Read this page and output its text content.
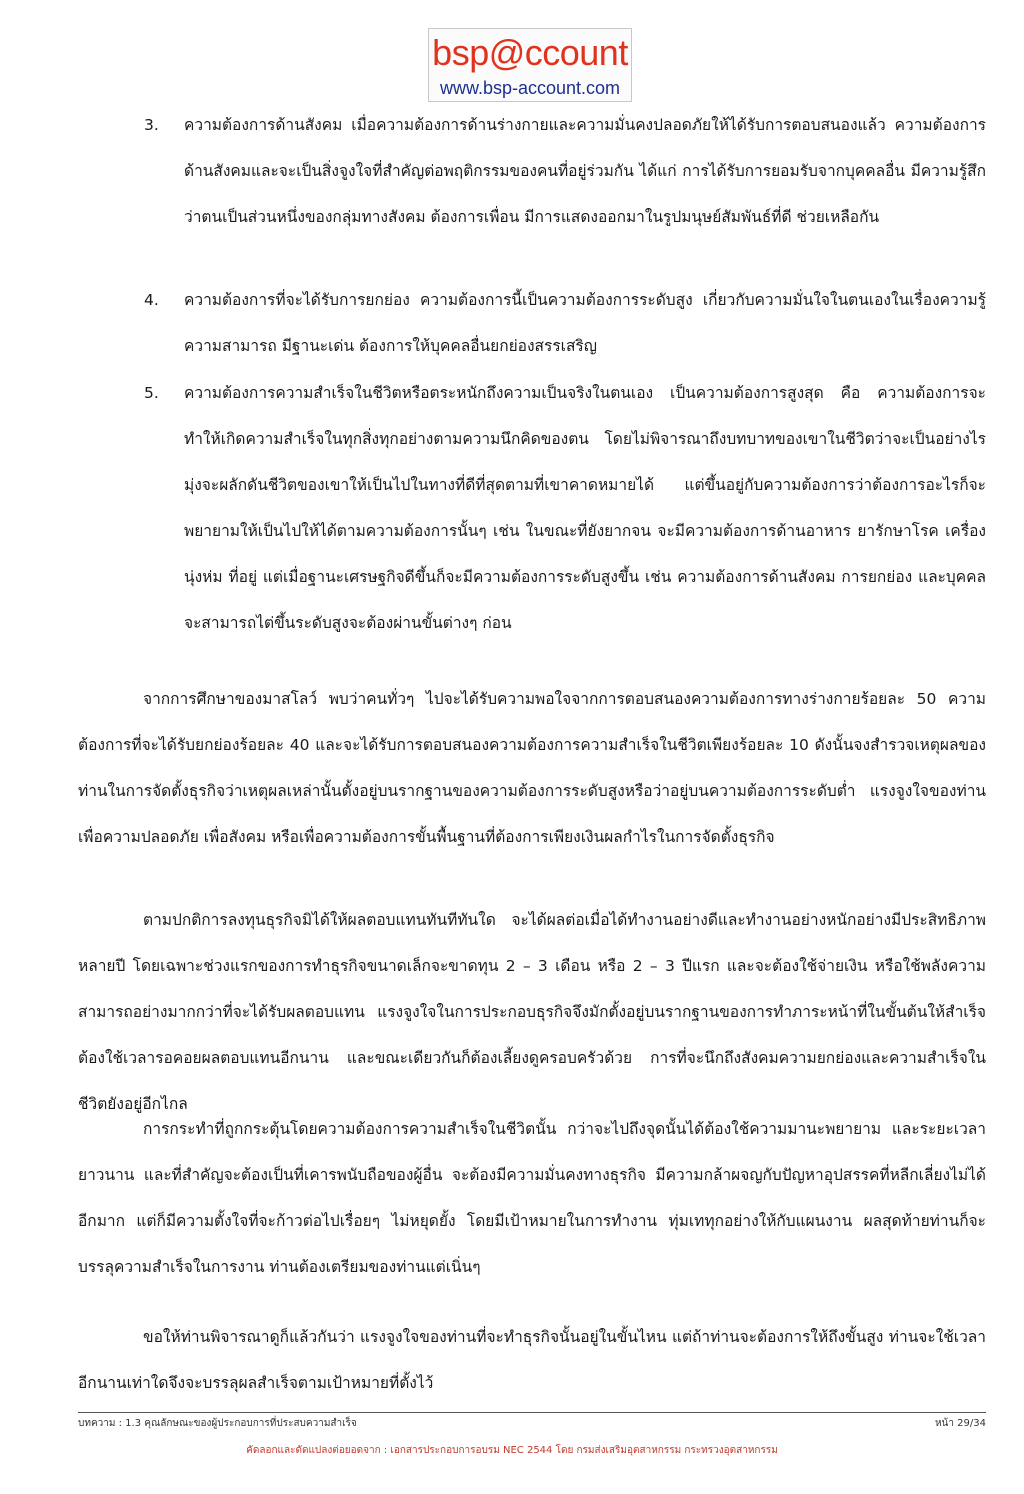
bsp@ccount
www.bsp-account.com
3.	ความต้องการด้านสังคม เมื่อความต้องการด้านร่างกายและความมั่นคงปลอดภัยให้ได้รับการตอบสนองแล้ว ความต้องการด้านสังคมและจะเป็นสิ่งจูงใจที่สำคัญต่อพฤติกรรมของคนที่อยู่ร่วมกัน ได้แก่ การได้รับการยอมรับจากบุคคลอื่น มีความรู้สึกว่าตนเป็นส่วนหนึ่งของกลุ่มทางสังคม ต้องการเพื่อน มีการแสดงออกมาในรูปมนุษย์สัมพันธ์ที่ดี ช่วยเหลือกัน
4.	ความต้องการที่จะได้รับการยกย่อง ความต้องการนี้เป็นความต้องการระดับสูง เกี่ยวกับความมั่นใจในตนเองในเรื่องความรู้ ความสามารถ มีฐานะเด่น ต้องการให้บุคคลอื่นยกย่องสรรเสริญ
5.	ความต้องการความสำเร็จในชีวิตหรือตระหนักถึงความเป็นจริงในตนเอง เป็นความต้องการสูงสุด คือ ความต้องการจะทำให้เกิดความสำเร็จในทุกสิ่งทุกอย่างตามความนึกคิดของตน โดยไม่พิจารณาถึงบทบาทของเขาในชีวิตว่าจะเป็นอย่างไร มุ่งจะผลักดันชีวิตของเขาให้เป็นไปในทางที่ดีที่สุดตามที่เขาคาดหมายได้ แต่ขึ้นอยู่กับความต้องการว่าต้องการอะไรก็จะพยายามให้เป็นไปให้ได้ตามความต้องการนั้นๆ เช่น ในขณะที่ยังยากจน จะมีความต้องการด้านอาหาร ยารักษาโรค เครื่องนุ่งห่ม ที่อยู่ แต่เมื่อฐานะเศรษฐกิจดีขึ้นก็จะมีความต้องการระดับสูงขึ้น เช่น ความต้องการด้านสังคม การยกย่อง และบุคคลจะสามารถไต่ขึ้นระดับสูงจะต้องผ่านขั้นต่างๆ ก่อน
จากการศึกษาของมาสโลว์ พบว่าคนทั่วๆ ไปจะได้รับความพอใจจากการตอบสนองความต้องการทางร่างกายร้อยละ 50 ความต้องการที่จะได้รับยกย่องร้อยละ 40 และจะได้รับการตอบสนองความต้องการความสำเร็จในชีวิตเพียงร้อยละ 10 ดังนั้นจงสำรวจเหตุผลของท่านในการจัดตั้งธุรกิจว่าเหตุผลเหล่านั้นตั้งอยู่บนรากฐานของความต้องการระดับสูงหรือว่าอยู่บนความต้องการระดับต่ำ แรงจูงใจของท่าน เพื่อความปลอดภัย เพื่อสังคม หรือเพื่อความต้องการขั้นพื้นฐานที่ต้องการเพียงเงินผลกำไรในการจัดตั้งธุรกิจ
ตามปกติการลงทุนธุรกิจมิได้ให้ผลตอบแทนทันทีทันใด จะได้ผลต่อเมื่อได้ทำงานอย่างดีและทำงานอย่างหนักอย่างมีประสิทธิภาพหลายปี โดยเฉพาะช่วงแรกของการทำธุรกิจขนาดเล็กจะขาดทุน 2 – 3 เดือน หรือ 2 – 3 ปีแรก และจะต้องใช้จ่ายเงิน หรือใช้พลังความสามารถอย่างมากกว่าที่จะได้รับผลตอบแทน แรงจูงใจในการประกอบธุรกิจจึงมักตั้งอยู่บนรากฐานของการทำภาระหน้าที่ในขั้นต้นให้สำเร็จ ต้องใช้เวลารอคอยผลตอบแทนอีกนาน และขณะเดียวกันก็ต้องเลี้ยงดูครอบครัวด้วย การที่จะนึกถึงสังคมความยกย่องและความสำเร็จในชีวิตยังอยู่อีกไกล
การกระทำที่ถูกกระตุ้นโดยความต้องการความสำเร็จในชีวิตนั้น กว่าจะไปถึงจุดนั้นได้ต้องใช้ความมานะพยายาม และระยะเวลายาวนาน และที่สำคัญจะต้องเป็นที่เคารพนับถือของผู้อื่น จะต้องมีความมั่นคงทางธุรกิจ มีความกล้าผจญกับปัญหาอุปสรรคที่หลีกเลี่ยงไม่ได้อีกมาก แต่ก็มีความตั้งใจที่จะก้าวต่อไปเรื่อยๆ ไม่หยุดยั้ง โดยมีเป้าหมายในการทำงาน ทุ่มเททุกอย่างให้กับแผนงาน ผลสุดท้ายท่านก็จะบรรลุความสำเร็จในการงาน ท่านต้องเตรียมของท่านแต่เนิ่นๆ
ขอให้ท่านพิจารณาดูก็แล้วกันว่า แรงจูงใจของท่านที่จะทำธุรกิจนั้นอยู่ในขั้นไหน แต่ถ้าท่านจะต้องการให้ถึงขั้นสูง ท่านจะใช้เวลาอีกนานเท่าใดจึงจะบรรลุผลสำเร็จตามเป้าหมายที่ตั้งไว้
บทความ : 1.3 คุณลักษณะของผู้ประกอบการที่ประสบความสำเร็จ	หน้า 29/34
คัดลอกและดัดแปลงต่อยอดจาก : เอกสารประกอบการอบรม NEC 2544 โดย กรมส่งเสริมอุตสาหกรรม กระทรวงอุตสาหกรรม
